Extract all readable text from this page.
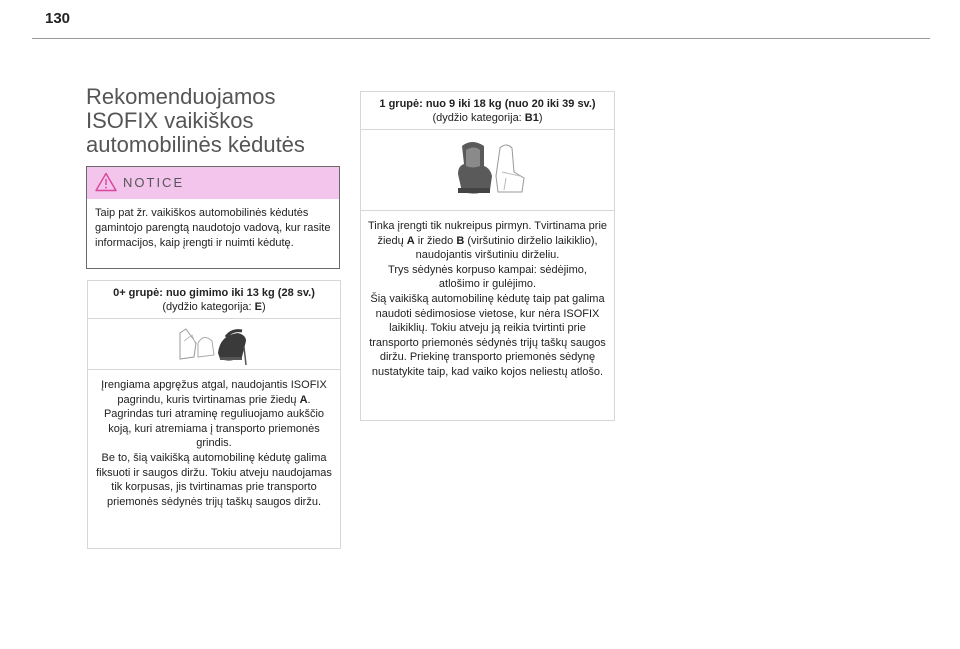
130
Rekomenduojamos ISOFIX vaikiškos automobilinės kėdutės
NOTICE
Taip pat žr. vaikiškos automobilinės kėdutės gamintojo parengtą naudotojo vadovą, kur rasite informacijos, kaip įrengti ir nuimti kėdutę.
0+ grupė: nuo gimimo iki 13 kg (28 sv.)
(dydžio kategorija: E)

Įrengiama apgręžus atgal, naudojantis ISOFIX pagrindu, kuris tvirtinamas prie žiedų A.

Pagrindas turi atraminę reguliuojamo aukščio koją, kuri atremiama į transporto priemonės grindis.

Be to, šią vaikišką automobilinę kėdutę galima fiksuoti ir saugos diržu. Tokiu atveju naudojamas tik korpusas, jis tvirtinamas prie transporto priemonės sėdynės trijų taškų saugos diržu.

1 grupė: nuo 9 iki 18 kg (nuo 20 iki 39 sv.)
(dydžio kategorija: B1)

Tinka įrengti tik nukreipus pirmyn. Tvirtinama prie žiedų A ir žiedo B (viršutinio dirželio laikiklio), naudojantis viršutiniu dirželiu.

Trys sėdynės korpuso kampai: sėdėjimo, atlošimo ir gulėjimo.

Šią vaikišką automobilinę kėdutę taip pat galima naudoti sėdimosiose vietose, kur nėra ISOFIX laikiklių. Tokiu atveju ją reikia tvirtinti prie transporto priemonės sėdynės trijų taškų saugos diržu. Priekinę transporto priemonės sėdynę nustatykite taip, kad vaiko kojos neliestų atlošo.
